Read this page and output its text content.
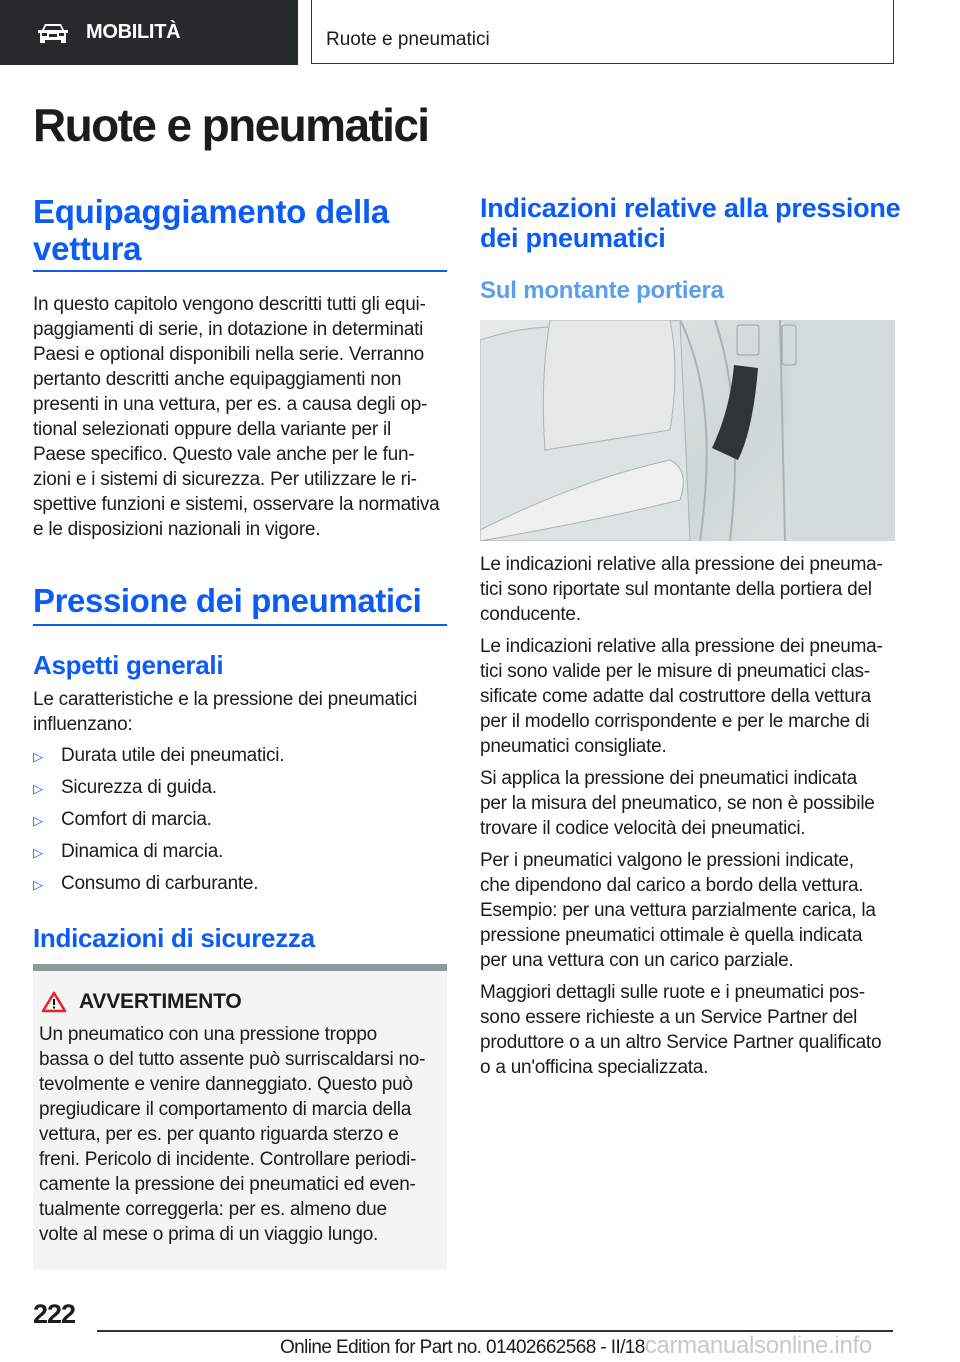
MOBILITÀ	Ruote e pneumatici
Ruote e pneumatici
Equipaggiamento della
vettura
In questo capitolo vengono descritti tutti gli equi-
paggiamenti di serie, in dotazione in determinati
Paesi e optional disponibili nella serie. Verranno
pertanto descritti anche equipaggiamenti non
presenti in una vettura, per es. a causa degli op-
tional selezionati oppure della variante per il
Paese specifico. Questo vale anche per le fun-
zioni e i sistemi di sicurezza. Per utilizzare le ri-
spettive funzioni e sistemi, osservare la normativa
e le disposizioni nazionali in vigore.
Pressione dei pneumatici
Aspetti generali
Le caratteristiche e la pressione dei pneumatici
influenzano:
▷ Durata utile dei pneumatici.
▷ Sicurezza di guida.
▷ Comfort di marcia.
▷ Dinamica di marcia.
▷ Consumo di carburante.
Indicazioni di sicurezza
AVVERTIMENTO
Un pneumatico con una pressione troppo
bassa o del tutto assente può surriscaldarsi no-
tevolmente e venire danneggiato. Questo può
pregiudicare il comportamento di marcia della
vettura, per es. per quanto riguarda sterzo e
freni. Pericolo di incidente. Controllare periodi-
camente la pressione dei pneumatici ed even-
tualmente correggerla: per es. almeno due
volte al mese o prima di un viaggio lungo.
Indicazioni relative alla pressione
dei pneumatici
Sul montante portiera
Le indicazioni relative alla pressione dei pneuma-
tici sono riportate sul montante della portiera del
conducente.
Le indicazioni relative alla pressione dei pneuma-
tici sono valide per le misure di pneumatici clas-
sificate come adatte dal costruttore della vettura
per il modello corrispondente e per le marche di
pneumatici consigliate.
Si applica la pressione dei pneumatici indicata
per la misura del pneumatico, se non è possibile
trovare il codice velocità dei pneumatici.
Per i pneumatici valgono le pressioni indicate,
che dipendono dal carico a bordo della vettura.
Esempio: per una vettura parzialmente carica, la
pressione pneumatici ottimale è quella indicata
per una vettura con un carico parziale.
Maggiori dettagli sulle ruote e i pneumatici pos-
sono essere richieste a un Service Partner del
produttore o a un altro Service Partner qualificato
o a un'officina specializzata.
222
Online Edition for Part no. 01402662568 - II/18carmanualsonline.info
